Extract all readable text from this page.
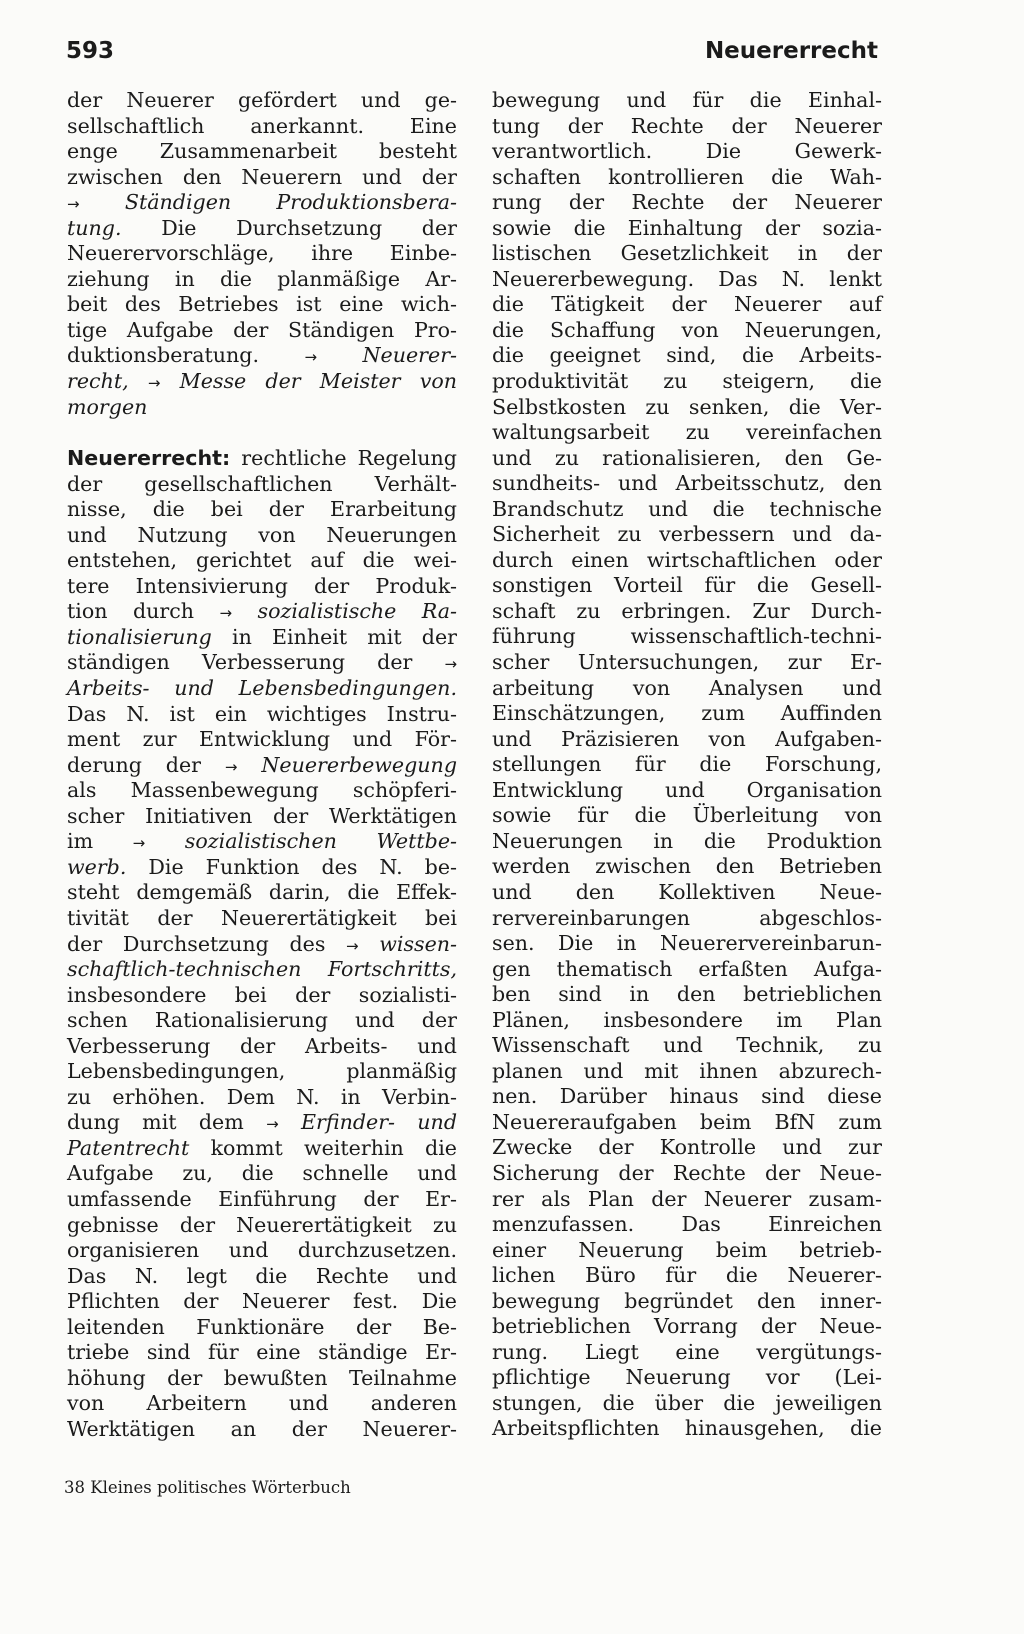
593	Neuererrecht
der Neuerer gefördert und ge-
sellschaftlich anerkannt. Eine
enge Zusammenarbeit besteht
zwischen den Neuerern und der
→ Ständigen Produktionsbera-
tung. Die Durchsetzung der
Neuerervorschläge, ihre Einbe-
ziehung in die planmäßige Ar-
beit des Betriebes ist eine wich-
tige Aufgabe der Ständigen Pro-
duktionsberatung.	→ Neuerer-
recht, → Messe der Meister von
morgen
Neuererrecht: rechtliche Regelung
der gesellschaftlichen Verhält-
nisse, die bei der Erarbeitung
und Nutzung von Neuerungen
entstehen, gerichtet auf die wei-
tere Intensivierung der Produk-
tion durch → sozialistische Ra-
tionalisierung in Einheit mit der
ständigen Verbesserung der →
Arbeits- und Lebensbedingungen.
Das N. ist ein wichtiges Instru-
ment zur Entwicklung und För-
derung der → Neuererbewegung
als Massenbewegung schöpferi-
scher Initiativen der Werktätigen
im	→ sozialistischen Wettbe-
werb. Die Funktion des N. be-
steht demgemäß darin, die Effek-
tivität der Neuerertätigkeit bei
der Durchsetzung des → wissen-
schaftlich-technischen Fortschritts,
insbesondere bei der sozialisti-
schen Rationalisierung und der
Verbesserung der Arbeits- und
Lebensbedingungen, planmäßig
zu erhöhen. Dem N. in Verbin-
dung mit dem → Erfinder- und
Patentrecht kommt weiterhin die
Aufgabe zu, die schnelle und
umfassende Einführung der Er-
gebnisse der Neuerertätigkeit zu
organisieren und durchzusetzen.
Das N. legt die Rechte und
Pflichten der Neuerer fest. Die
leitenden Funktionäre der Be-
triebe sind für eine ständige Er-
höhung der bewußten Teilnahme
von Arbeitern und anderen
Werktätigen an der Neuerer-
bewegung und für die Einhal-
tung der Rechte der Neuerer
verantwortlich. Die Gewerk-
schaften kontrollieren die Wah-
rung der Rechte der Neuerer
sowie die Einhaltung der sozia-
listischen Gesetzlichkeit in der
Neuererbewegung. Das N. lenkt
die Tätigkeit der Neuerer auf
die Schaffung von Neuerungen,
die geeignet sind, die Arbeits-
produktivität zu steigern, die
Selbstkosten zu senken, die Ver-
waltungsarbeit zu vereinfachen
und zu rationalisieren, den Ge-
sundheits- und Arbeitsschutz, den
Brandschutz und die technische
Sicherheit zu verbessern und da-
durch einen wirtschaftlichen oder
sonstigen Vorteil für die Gesell-
schaft zu erbringen. Zur Durch-
führung wissenschaftlich-techni-
scher Untersuchungen, zur Er-
arbeitung von Analysen und
Einschätzungen, zum Auffinden
und Präzisieren von Aufgaben-
stellungen für die Forschung,
Entwicklung und Organisation
sowie für die Überleitung von
Neuerungen in die Produktion
werden zwischen den Betrieben
und den Kollektiven Neue-
rervereinbarungen abgeschlos-
sen. Die in Neuerervereinbarun-
gen thematisch erfaßten Aufga-
ben sind in den betrieblichen
Plänen, insbesondere im Plan
Wissenschaft und Technik, zu
planen und mit ihnen abzurech-
nen. Darüber hinaus sind diese
Neuereraufgaben beim BfN zum
Zwecke der Kontrolle und zur
Sicherung der Rechte der Neue-
rer als Plan der Neuerer zusam-
menzufassen. Das Einreichen
einer Neuerung beim betrieb-
lichen Büro für die Neuerer-
bewegung begründet den inner-
betrieblichen Vorrang der Neue-
rung. Liegt eine vergütungs-
pflichtige Neuerung vor (Lei-
stungen, die über die jeweiligen
Arbeitspflichten hinausgehen, die
38 Kleines politisches Wörterbuch
